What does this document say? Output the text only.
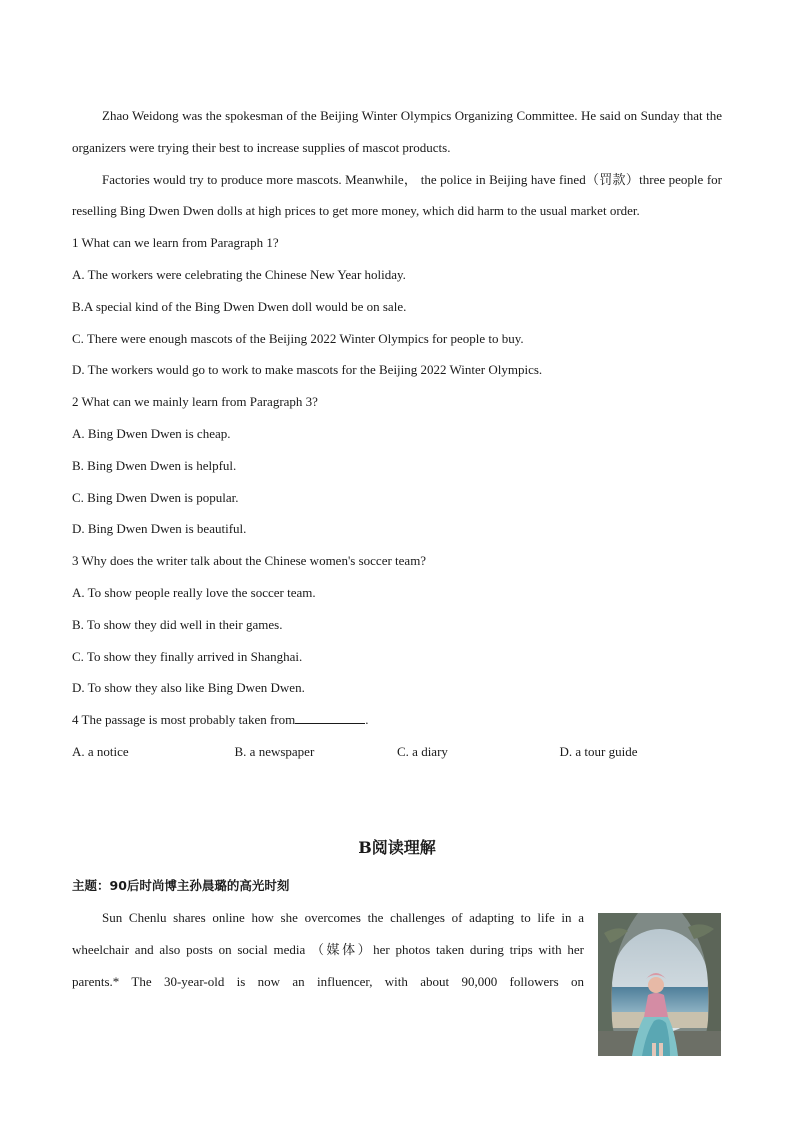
Zhao Weidong was the spokesman of the Beijing Winter Olympics Organizing Committee. He said on Sunday that the organizers were trying their best to increase supplies of mascot products.

Factories would try to produce more mascots. Meanwhile， the police in Beijing have fined（罚款）three people for reselling Bing Dwen Dwen dolls at high prices to get more money, which did harm to the usual market order.

1 What can we learn from Paragraph 1?

A. The workers were celebrating the Chinese New Year holiday.

B.A special kind of the Bing Dwen Dwen doll would be on sale.

C. There were enough mascots of the Beijing 2022 Winter Olympics for people to buy.

D. The workers would go to work to make mascots for the Beijing 2022 Winter Olympics.

2 What can we mainly learn from Paragraph 3?

A. Bing Dwen Dwen is cheap.

B. Bing Dwen Dwen is helpful.

C. Bing Dwen Dwen is popular.

D. Bing Dwen Dwen is beautiful.

3 Why does the writer talk about the Chinese women's soccer team?

A. To show people really love the soccer team.

B. To show they did well in their games.

C. To show they finally arrived in Shanghai.

D. To show they also like Bing Dwen Dwen.

4 The passage is most probably taken from	.

A. a notice	B. a newspaper	C. a diary	D. a tour guide
B阅读理解
主题：90后时尚博主孙晨璐的高光时刻

Sun Chenlu shares online how she overcomes the challenges of adapting to life in a

wheelchair and also posts on social media （媒体）her photos taken during trips with her

parents.* The 30-year-old is now an influencer, with about 90,000 followers on
